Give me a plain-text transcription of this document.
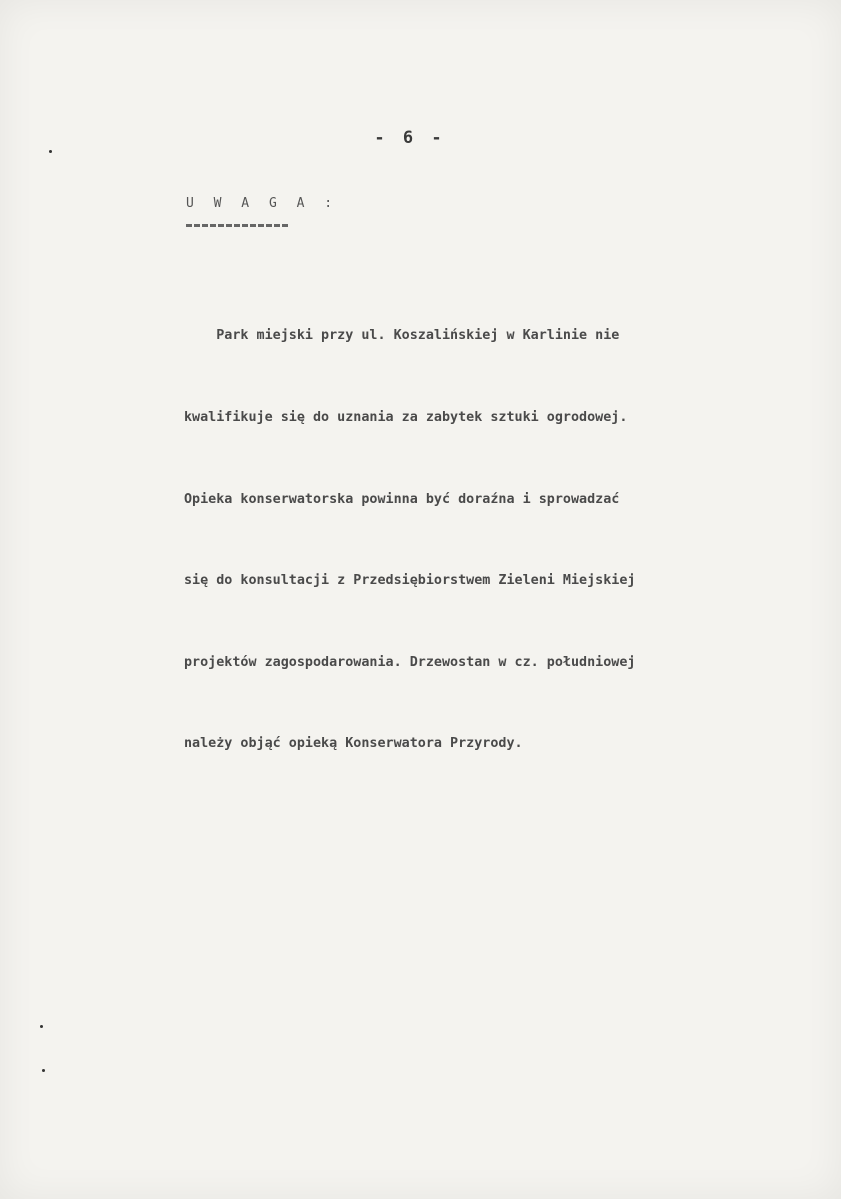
- 6 -
U W A G A :

Park miejski przy ul. Koszalińskiej w Karlinie nie

kwalifikuje się do uznania za zabytek sztuki ogrodowej.

Opieka konserwatorska powinna być doraźna i sprowadzać

się do konsultacji z Przedsiębiorstwem Zieleni Miejskiej

projektów zagospodarowania. Drzewostan w cz. południowej

należy objąć opieką Konserwatora Przyrody.
